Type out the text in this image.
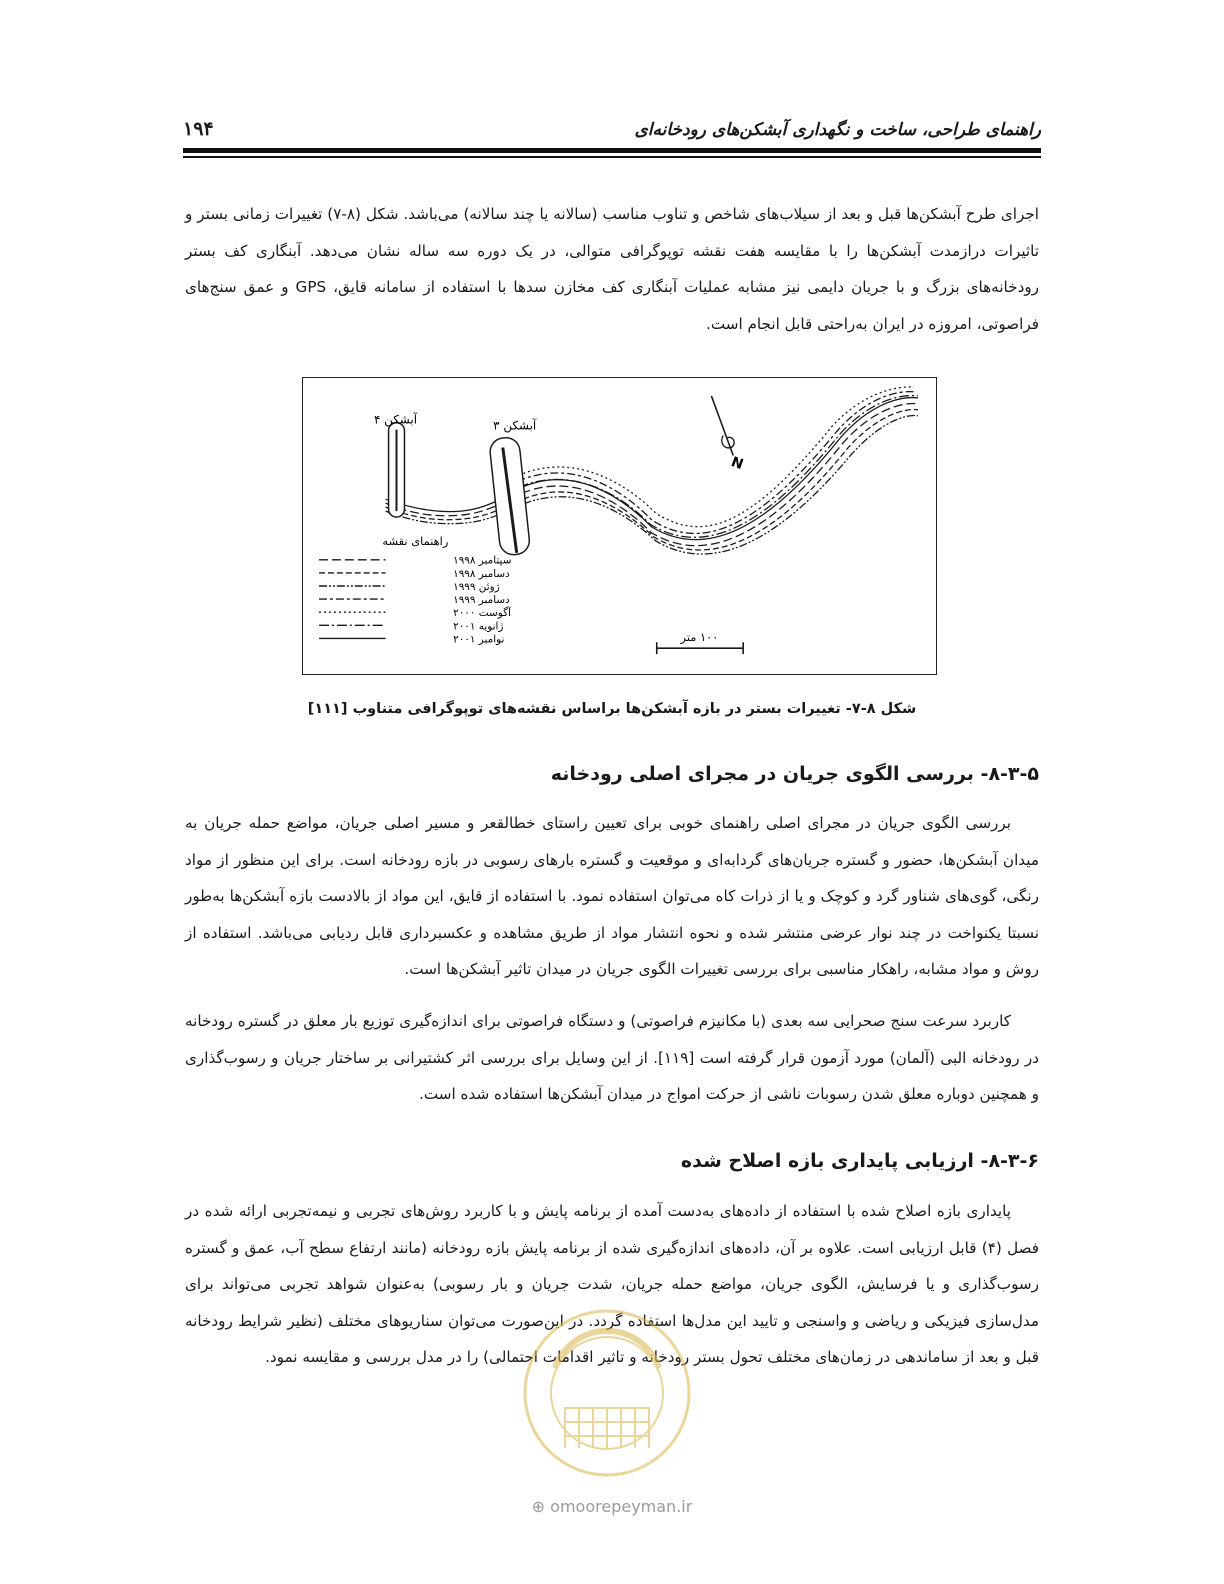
۱۹۴	راهنمای طراحی، ساخت و نگهداری آبشکن‌های رودخانه‌ای

اجرای طرح آبشکن‌ها قبل و بعد از سیلاب‌های شاخص و تناوب مناسب (سالانه یا چند سالانه) می‌باشد. شکل (۸-۷) تغییرات زمانی بستر و تاثیرات درازمدت آبشکن‌ها را با مقایسه هفت نقشه توپوگرافی متوالی، در یک دوره سه ساله نشان می‌دهد. آبنگاری کف بستر رودخانه‌های بزرگ و با جریان دایمی نیز مشابه عملیات آبنگاری کف مخازن سدها با استفاده از سامانه قایق، GPS و عمق سنج‌های فراصوتی، امروزه در ایران به‌راحتی قابل انجام است.

آبشکن ۴	آبشکن ۳
N
راهنمای نقشه
سپتامبر ۱۹۹۸
دسامبر ۱۹۹۸
ژوئن ۱۹۹۹
دسامبر ۱۹۹۹
آگوست ۲۰۰۰
ژانویه ۲۰۰۱
نوامبر ۲۰۰۱	۱۰۰ متر
شکل ۸-۷- تغییرات بستر در بازه آبشکن‌ها براساس نقشه‌های توپوگرافی متناوب [۱۱۱]
۸-۳-۵- بررسی الگوی جریان در مجرای اصلی رودخانه

بررسی الگوی جریان در مجرای اصلی راهنمای خوبی برای تعیین راستای خطالقعر و مسیر اصلی جریان، مواضع حمله جریان به میدان آبشکن‌ها، حضور و گستره جریان‌های گردابه‌ای و موقعیت و گستره بارهای رسوبی در بازه رودخانه است. برای این منظور از مواد رنگی، گوی‌های شناور گرد و کوچک و یا از ذرات کاه می‌توان استفاده نمود. با استفاده از قایق، این مواد از بالادست بازه آبشکن‌ها به‌طور نسبتا یکنواخت در چند نوار عرضی منتشر شده و نحوه انتشار مواد از طریق مشاهده و عکسبرداری قابل ردیابی می‌باشد. استفاده از روش و مواد مشابه، راهکار مناسبی برای بررسی تغییرات الگوی جریان در میدان تاثیر آبشکن‌ها است.

کاربرد سرعت سنج صحرایی سه بعدی (با مکانیزم فراصوتی) و دستگاه فراصوتی برای اندازه‌گیری توزیع بار معلق در گستره رودخانه در رودخانه البی (آلمان) مورد آزمون قرار گرفته است [۱۱۹]. از این وسایل برای بررسی اثر کشتیرانی بر ساختار جریان و رسوب‌گذاری و همچنین دوباره معلق شدن رسوبات ناشی از حرکت امواج در میدان آبشکن‌ها استفاده شده است.

۸-۳-۶- ارزیابی پایداری بازه اصلاح شده

پایداری بازه اصلاح شده با استفاده از داده‌های به‌دست آمده از برنامه پایش و با کاربرد روش‌های تجربی و نیمه‌تجربی ارائه شده در فصل (۴) قابل ارزیابی است. علاوه بر آن، داده‌های اندازه‌گیری شده از برنامه پایش بازه رودخانه (مانند ارتفاع سطح آب، عمق و گستره رسوب‌گذاری و یا فرسایش، الگوی جریان، مواضع حمله جریان، شدت جریان و بار رسوبی) به‌عنوان شواهد تجربی می‌تواند برای مدل‌سازی فیزیکی و ریاضی و واسنجی و تایید این مدل‌ها استفاده گردد. در این‌صورت می‌توان سناریوهای مختلف (نظیر شرایط رودخانه قبل و بعد از ساماندهی در زمان‌های مختلف تحول بستر رودخانه و تاثیر اقدامات احتمالی) را در مدل بررسی و مقایسه نمود.

⊕ omoorepeyman.ir
